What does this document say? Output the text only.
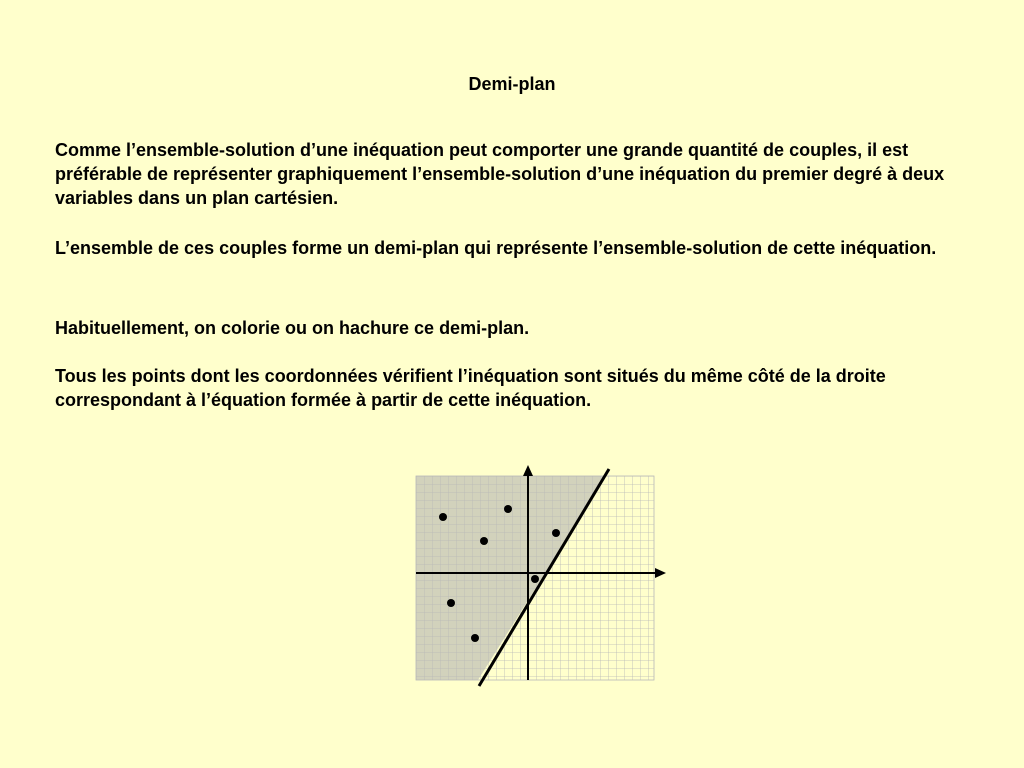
Demi-plan
Comme l’ensemble-solution d’une inéquation peut comporter une grande quantité de couples, il est préférable de représenter graphiquement l’ensemble-solution d’une inéquation du premier degré à deux variables dans un plan cartésien.
L’ensemble de ces couples forme un demi-plan qui représente l’ensemble-solution de cette inéquation.
Habituellement, on colorie ou on hachure ce demi-plan.
Tous les points dont les coordonnées vérifient l’inéquation sont situés du même côté de la droite correspondant à l’équation formée à partir de cette inéquation.
